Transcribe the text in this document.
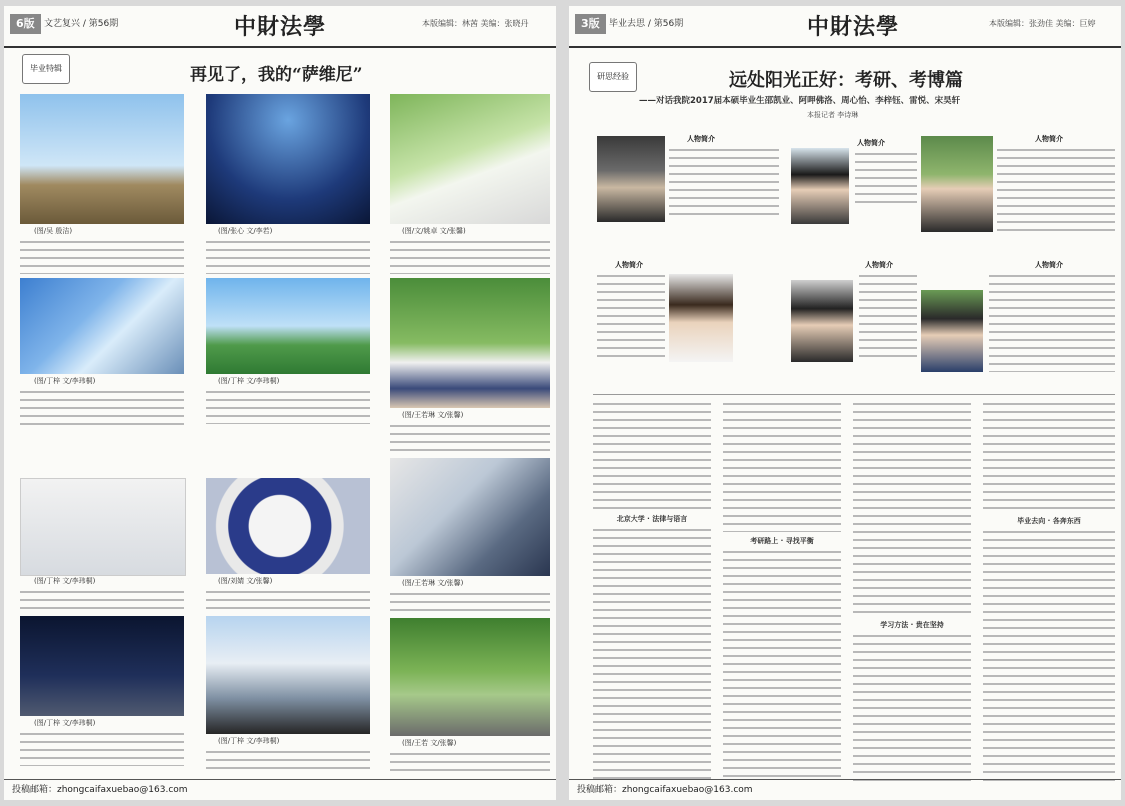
6版	文艺复兴 / 第56期	中財法學	本版编辑：林茜 美编：张晓丹
毕业特辑	再见了，我的“萨维尼”
(图/吴 殷洁)
(图/丁梓 文/李玮桐)
(图/丁梓 文/李玮桐)
(图/丁梓 文/李玮桐)
(图/张心 文/李若)
(图/丁梓 文/李玮桐)
(图/刘婧 文/张馨)
(图/丁梓 文/李玮桐)
(图/文/姚卓 文/张馨)
(图/王若琳 文/张馨)
(图/王若琳 文/张馨)
(图/王若 文/张馨)
投稿邮箱：zhongcaifaxuebao@163.com
3版	毕业去思 / 第56期	中財法學	本版编辑：张劲佳 美编：巨婷
研思经验	远处阳光正好：考研、考博篇
——对话我院2017届本硕毕业生邵凯业、阿呷佛洛、周心怡、李梓钰、雷悦、宋昊轩
本报记者 李诗琳
人物简介	人物简介	人物简介
人物简介	人物简介	人物简介
北京大学 · 法律与语言
考研路上 · 寻找平衡
学习方法 · 贵在坚持
毕业去向 · 各奔东西
投稿邮箱：zhongcaifaxuebao@163.com
